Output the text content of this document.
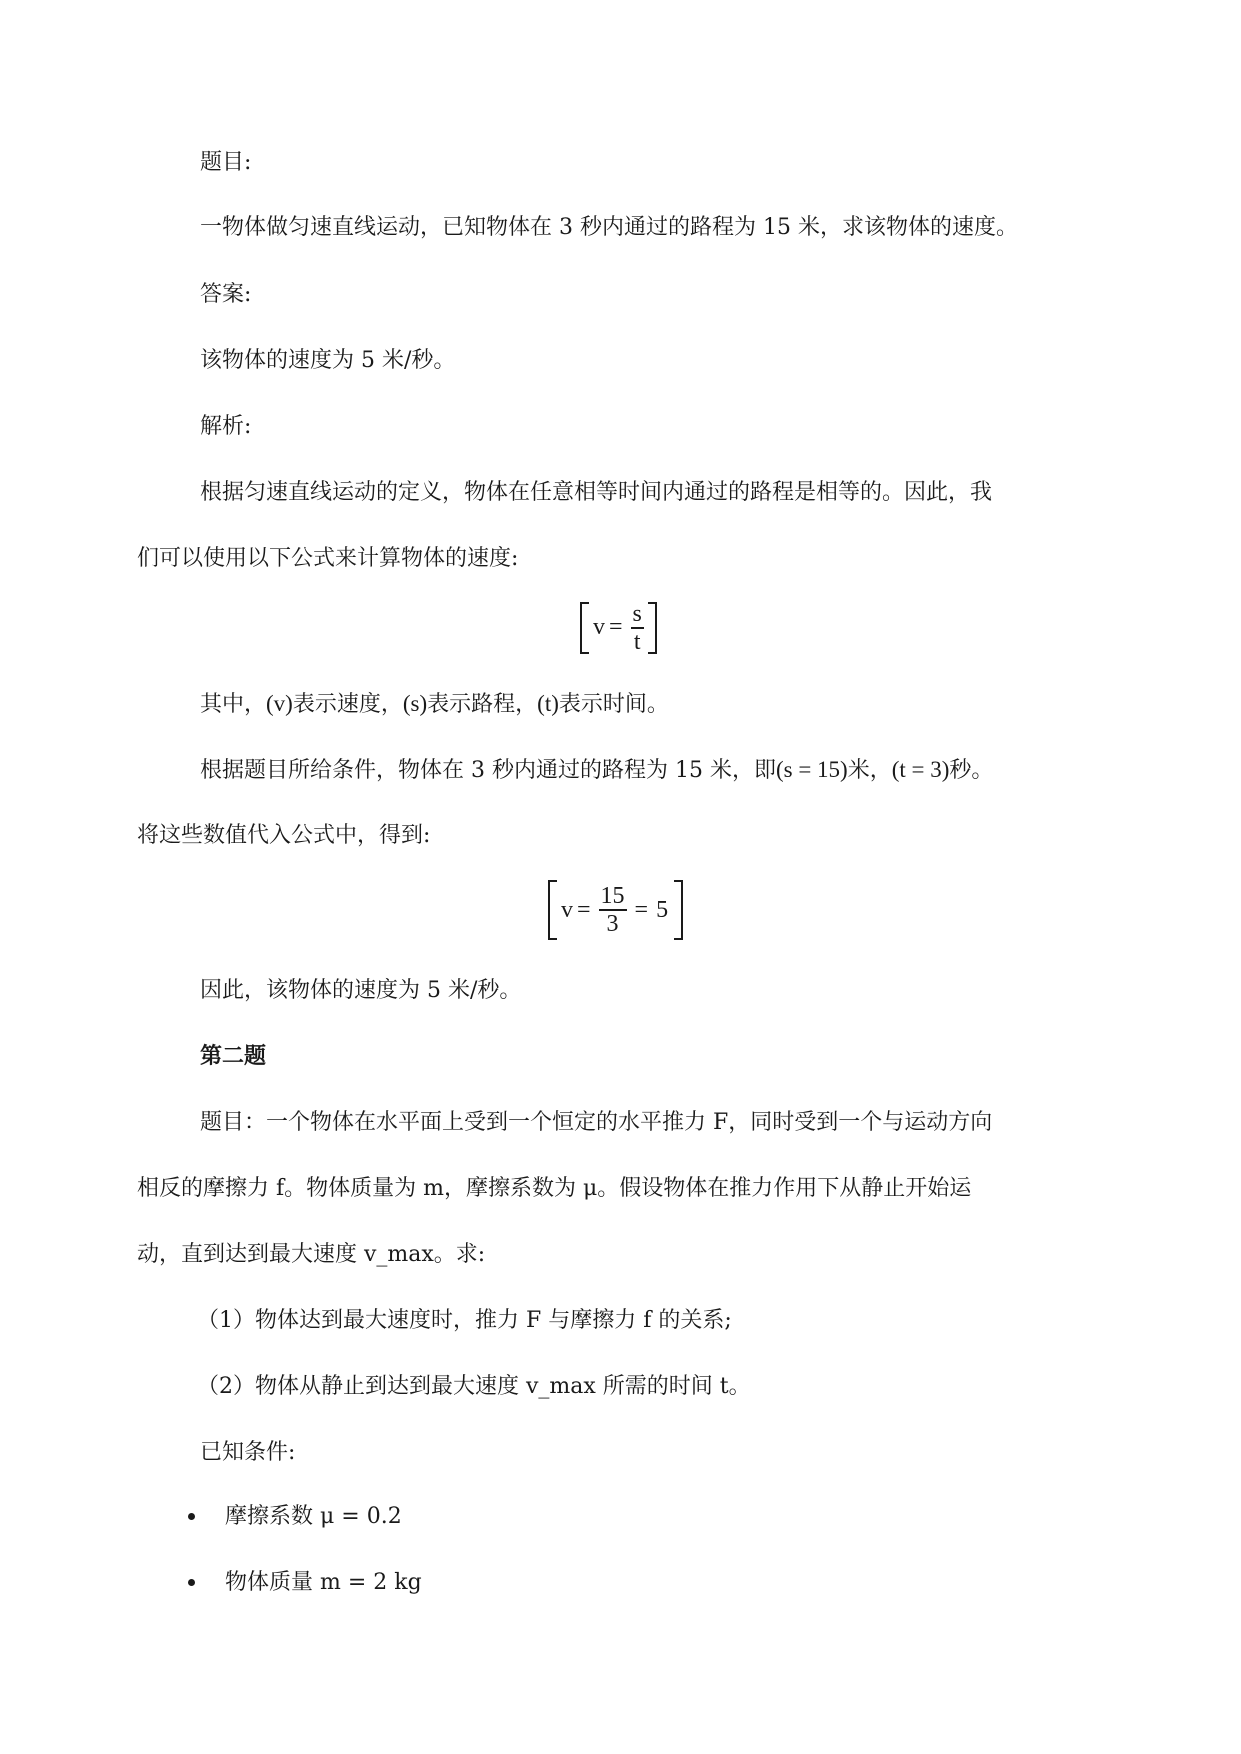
题目:
一物体做匀速直线运动，已知物体在 3 秒内通过的路程为 15 米，求该物体的速度。
答案:
该物体的速度为 5 米/秒。
解析:
根据匀速直线运动的定义，物体在任意相等时间内通过的路程是相等的。因此，我
们可以使用以下公式来计算物体的速度:
$v = \frac{s}{t}$
其中，(v)表示速度，(s)表示路程，(t)表示时间。
根据题目所给条件，物体在 3 秒内通过的路程为 15 米，即(s = 15)米，(t = 3)秒。
将这些数值代入公式中，得到:
$v = \frac{15}{3} = 5$
因此，该物体的速度为 5 米/秒。
第二题
题目：一个物体在水平面上受到一个恒定的水平推力 F，同时受到一个与运动方向
相反的摩擦力 f。物体质量为 m，摩擦系数为 μ。假设物体在推力作用下从静止开始运
动，直到达到最大速度 v_max。求:
（1）物体达到最大速度时，推力 F 与摩擦力 f 的关系;
（2）物体从静止到达到最大速度 v_max 所需的时间 t。
已知条件:
摩擦系数 μ = 0.2
物体质量 m = 2 kg
